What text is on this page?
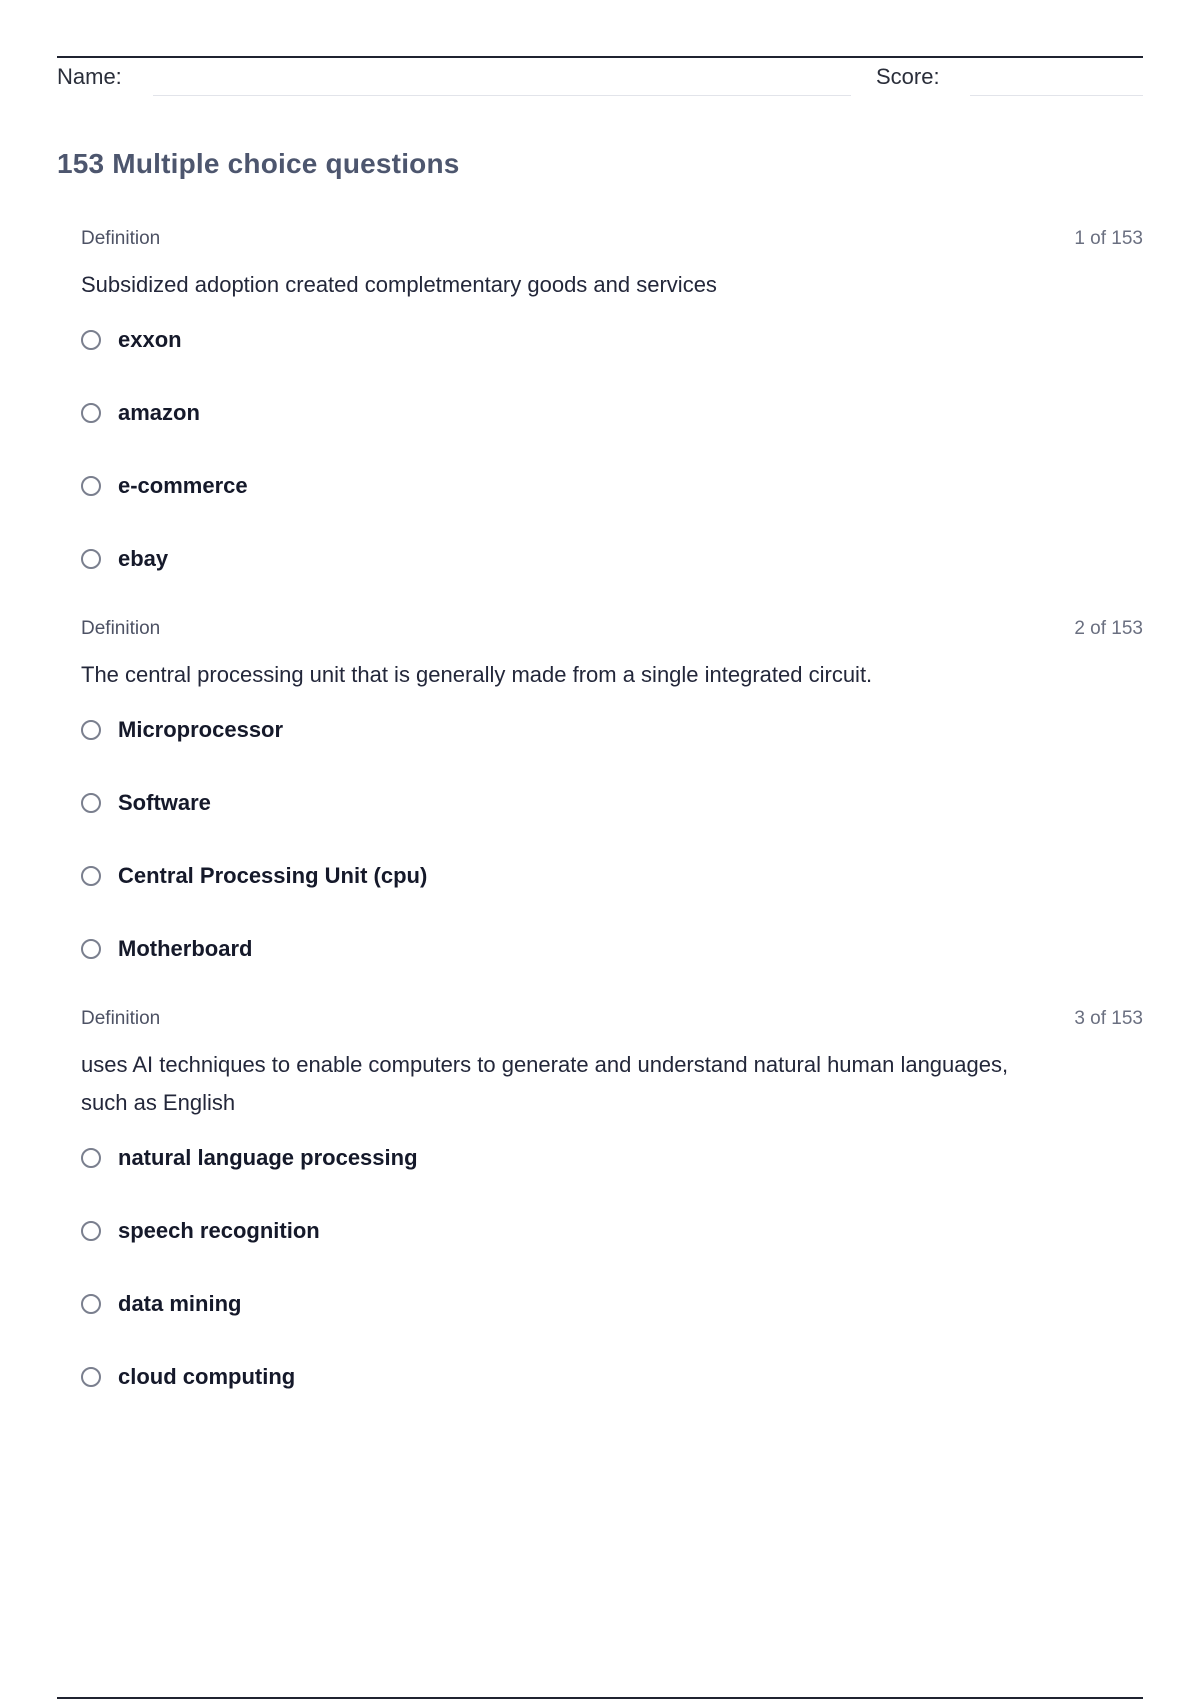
Name:	Score:
153 Multiple choice questions
Definition	1 of 153
Subsidized adoption created completmentary goods and services
exxon
amazon
e-commerce
ebay
Definition	2 of 153
The central processing unit that is generally made from a single integrated circuit.
Microprocessor
Software
Central Processing Unit (cpu)
Motherboard
Definition	3 of 153
uses AI techniques to enable computers to generate and understand natural human languages, such as English
natural language processing
speech recognition
data mining
cloud computing
